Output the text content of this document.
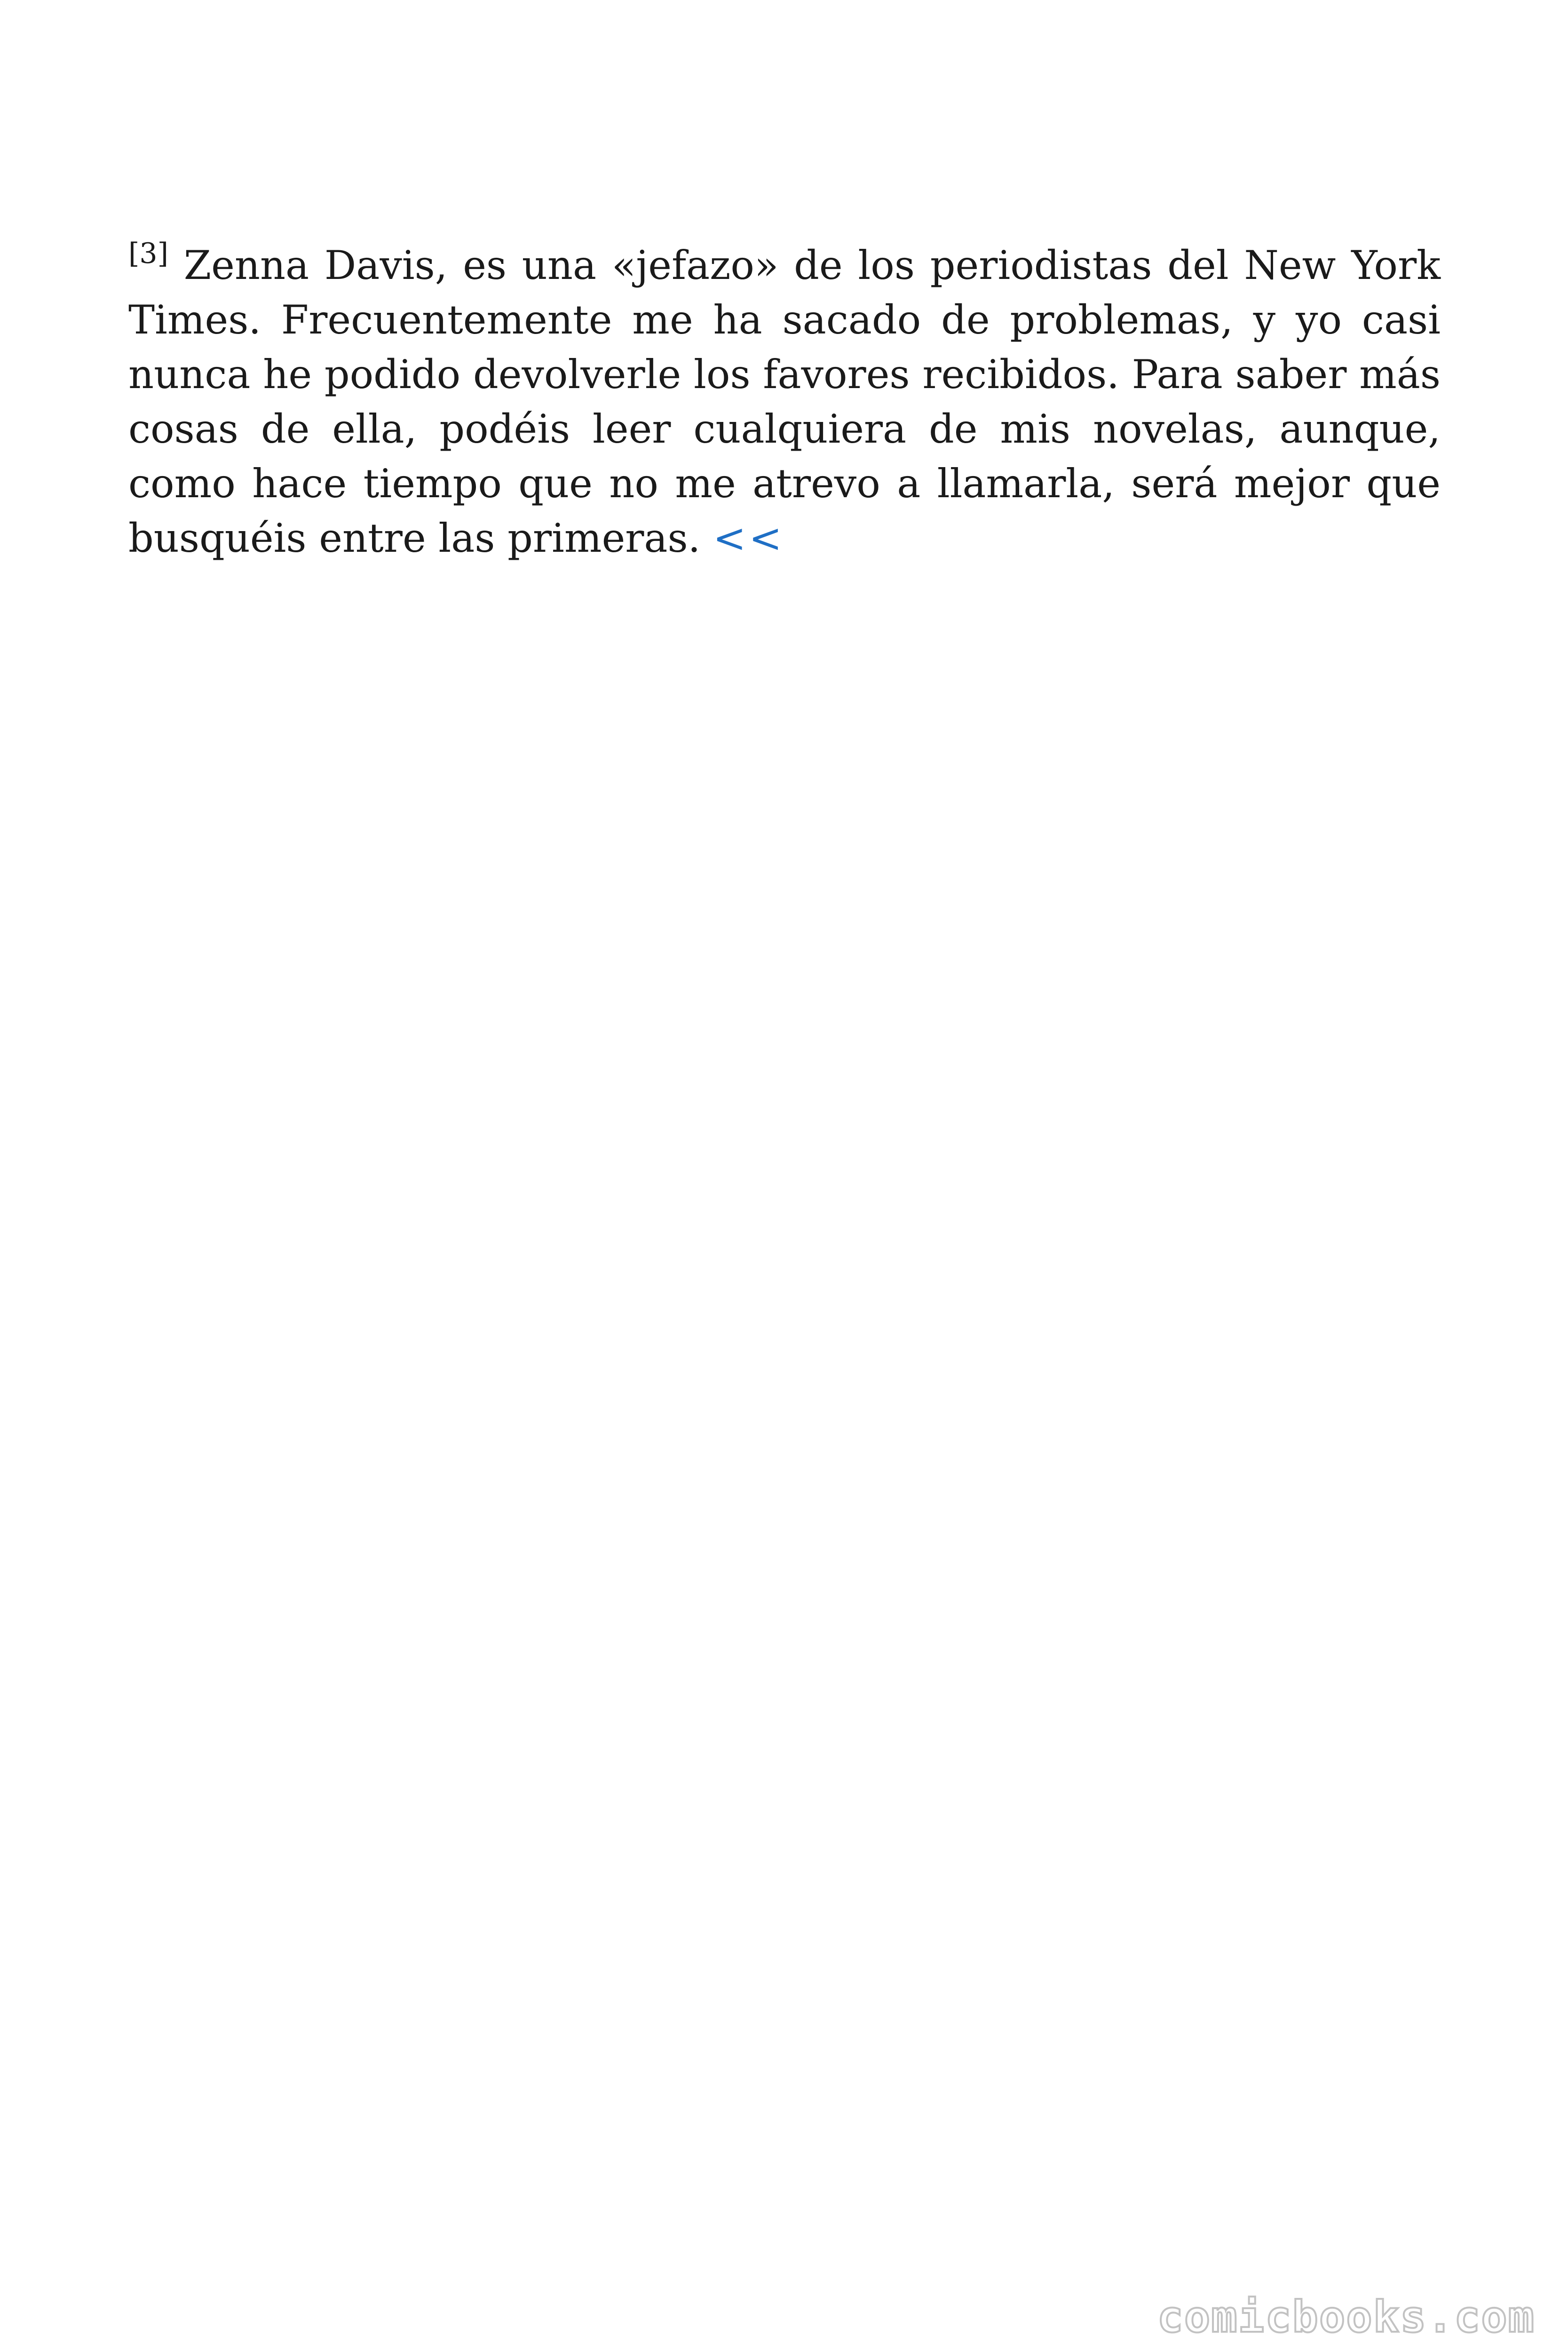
[3] Zenna Davis, es una «jefazo» de los periodistas del New York Times. Frecuentemente me ha sacado de problemas, y yo casi nunca he podido devolverle los favores recibidos. Para saber más cosas de ella, podéis leer cualquiera de mis novelas, aunque, como hace tiempo que no me atrevo a llamarla, será mejor que busquéis entre las primeras. <<

comicbooks.com
